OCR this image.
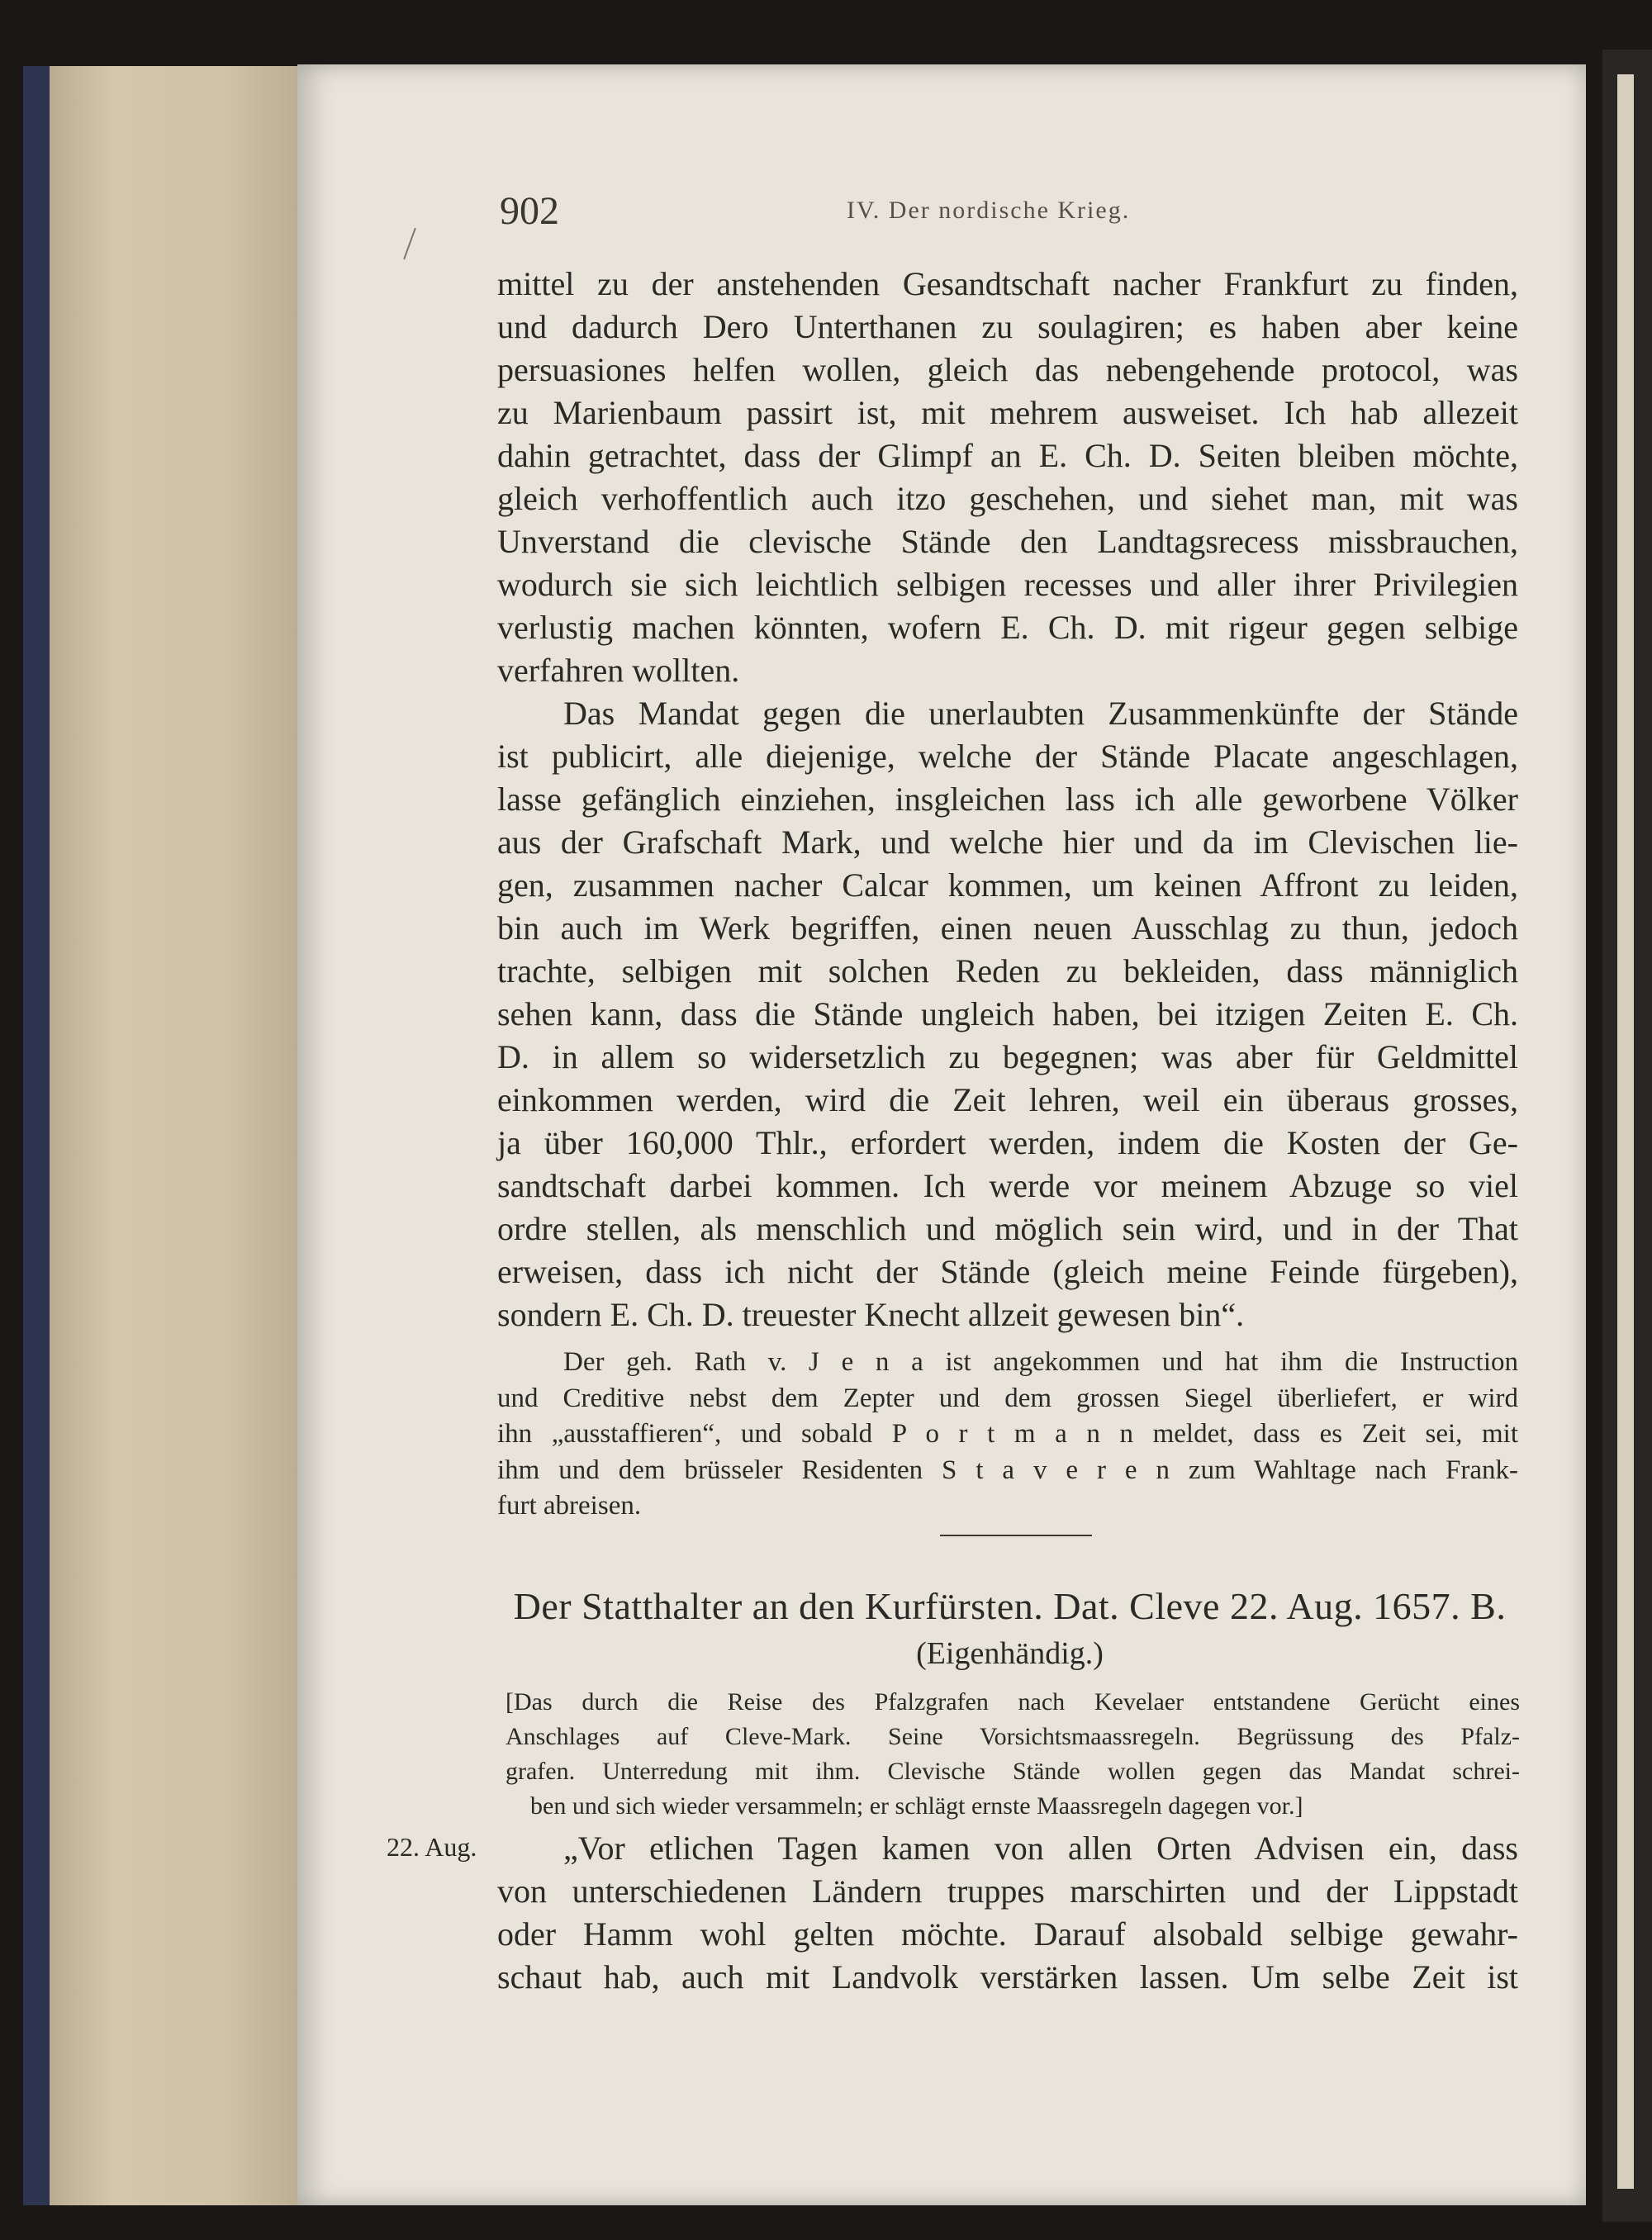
902	IV. Der nordische Krieg.
mittel zu der anstehenden Gesandtschaft nacher Frankfurt zu finden,
und dadurch Dero Unterthanen zu soulagiren; es haben aber keine
persuasiones helfen wollen, gleich das nebengehende protocol, was
zu Marienbaum passirt ist, mit mehrem ausweiset. Ich hab allezeit
dahin getrachtet, dass der Glimpf an E. Ch. D. Seiten bleiben möchte,
gleich verhoffentlich auch itzo geschehen, und siehet man, mit was
Unverstand die clevische Stände den Landtagsrecess missbrauchen,
wodurch sie sich leichtlich selbigen recesses und aller ihrer Privilegien
verlustig machen könnten, wofern E. Ch. D. mit rigeur gegen selbige
verfahren wollten.
Das Mandat gegen die unerlaubten Zusammenkünfte der Stände
ist publicirt, alle diejenige, welche der Stände Placate angeschlagen,
lasse gefänglich einziehen, insgleichen lass ich alle geworbene Völker
aus der Grafschaft Mark, und welche hier und da im Clevischen lie-
gen, zusammen nacher Calcar kommen, um keinen Affront zu leiden,
bin auch im Werk begriffen, einen neuen Ausschlag zu thun, jedoch
trachte, selbigen mit solchen Reden zu bekleiden, dass männiglich
sehen kann, dass die Stände ungleich haben, bei itzigen Zeiten E. Ch.
D. in allem so widersetzlich zu begegnen; was aber für Geldmittel
einkommen werden, wird die Zeit lehren, weil ein überaus grosses,
ja über 160,000 Thlr., erfordert werden, indem die Kosten der Ge-
sandtschaft darbei kommen. Ich werde vor meinem Abzuge so viel
ordre stellen, als menschlich und möglich sein wird, und in der That
erweisen, dass ich nicht der Stände (gleich meine Feinde fürgeben),
sondern E. Ch. D. treuester Knecht allzeit gewesen bin“.
Der geh. Rath v. J e n a ist angekommen und hat ihm die Instruction
und Creditive nebst dem Zepter und dem grossen Siegel überliefert, er wird
ihn „ausstaffieren“, und sobald P o r t m a n n meldet, dass es Zeit sei, mit
ihm und dem brüsseler Residenten S t a v e r e n zum Wahltage nach Frank-
furt abreisen.
Der Statthalter an den Kurfürsten. Dat. Cleve 22. Aug. 1657. B.
(Eigenhändig.)
[Das durch die Reise des Pfalzgrafen nach Kevelaer entstandene Gerücht eines
Anschlages auf Cleve-Mark. Seine Vorsichtsmaassregeln. Begrüssung des Pfalz-
grafen. Unterredung mit ihm. Clevische Stände wollen gegen das Mandat schrei-
ben und sich wieder versammeln; er schlägt ernste Maassregeln dagegen vor.]
22. Aug.	„Vor etlichen Tagen kamen von allen Orten Advisen ein, dass
von unterschiedenen Ländern truppes marschirten und der Lippstadt
oder Hamm wohl gelten möchte. Darauf alsobald selbige gewahr-
schaut hab, auch mit Landvolk verstärken lassen. Um selbe Zeit ist
